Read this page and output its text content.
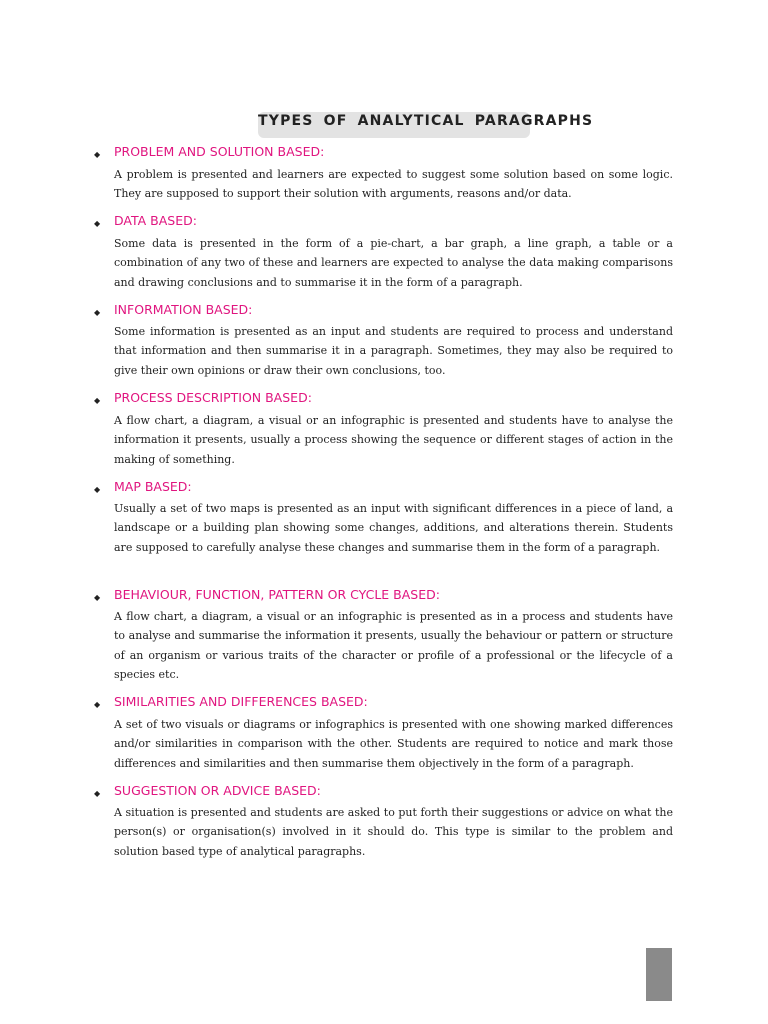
TYPES OF ANALYTICAL PARAGRAPHS
◆ PROBLEM AND SOLUTION BASED:
A problem is presented and learners are expected to suggest some solution based on some logic. They are supposed to support their solution with arguments, reasons and/or data.
◆ DATA BASED:
Some data is presented in the form of a pie-chart, a bar graph, a line graph, a table or a combination of any two of these and learners are expected to analyse the data making comparisons and drawing conclusions and to summarise it in the form of a paragraph.
◆ INFORMATION BASED:
Some information is presented as an input and students are required to process and understand that information and then summarise it in a paragraph. Sometimes, they may also be required to give their own opinions or draw their own conclusions, too.
◆ PROCESS DESCRIPTION BASED:
A flow chart, a diagram, a visual or an infographic is presented and students have to analyse the information it presents, usually a process showing the sequence or different stages of action in the making of something.
◆ MAP BASED:
Usually a set of two maps is presented as an input with significant differences in a piece of land, a landscape or a building plan showing some changes, additions, and alterations therein. Students are supposed to carefully analyse these changes and summarise them in the form of a paragraph.
◆ BEHAVIOUR, FUNCTION, PATTERN OR CYCLE BASED:
A flow chart, a diagram, a visual or an infographic is presented as in a process and students have to analyse and summarise the information it presents, usually the behaviour or pattern or structure of an organism or various traits of the character or profile of a professional or the lifecycle of a species etc.
◆ SIMILARITIES AND DIFFERENCES BASED:
A set of two visuals or diagrams or infographics is presented with one showing marked differences and/or similarities in comparison with the other. Students are required to notice and mark those differences and similarities and then summarise them objectively in the form of a paragraph.
◆ SUGGESTION OR ADVICE BASED:
A situation is presented and students are asked to put forth their suggestions or advice on what the person(s) or organisation(s) involved in it should do. This type is similar to the problem and solution based type of analytical paragraphs.
